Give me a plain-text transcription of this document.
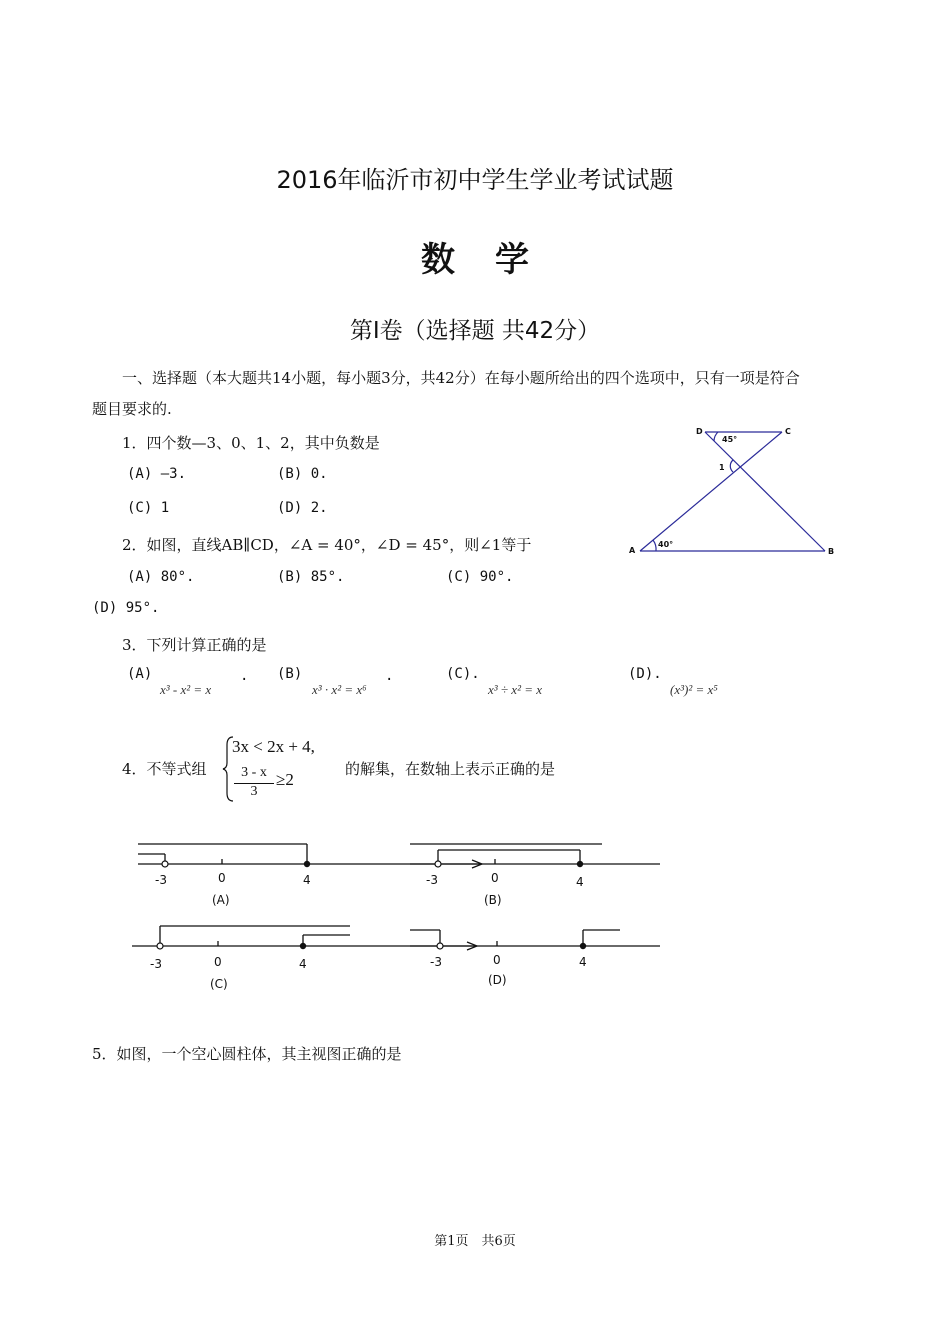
2016年临沂市初中学生学业考试试题
数学
第Ⅰ卷（选择题 共42分）
一、选择题（本大题共14小题，每小题3分，共42分）在每小题所给出的四个选项中，只有一项是符合
题目要求的.
1．四个数—3、0、1、2，其中负数是
(A) —3.	(B) 0.
(C) 1	(D) 2.
D	C
A	B
45°
40°
1
2．如图，直线AB∥CD，∠A = 40°，∠D = 45°，则∠1等于
(A) 80°.	(B) 85°.	(C) 90°.
(D) 95°.
3．下列计算正确的是
(A)
x³ - x² = x
. (B)
x³ · x² = x⁶
.	(C).
x³ ÷ x² = x
(D).
(x³)² = x⁵
4．不等式组
3x < 2x + 4,
3 - x
3
≥2
的解集，在数轴上表示正确的是
-3	0	4
(A)
-3	0	4
(B)
-3	0	4
(C)
-3	0	4
(D)
5．如图，一个空心圆柱体，其主视图正确的是
第1页　共6页
